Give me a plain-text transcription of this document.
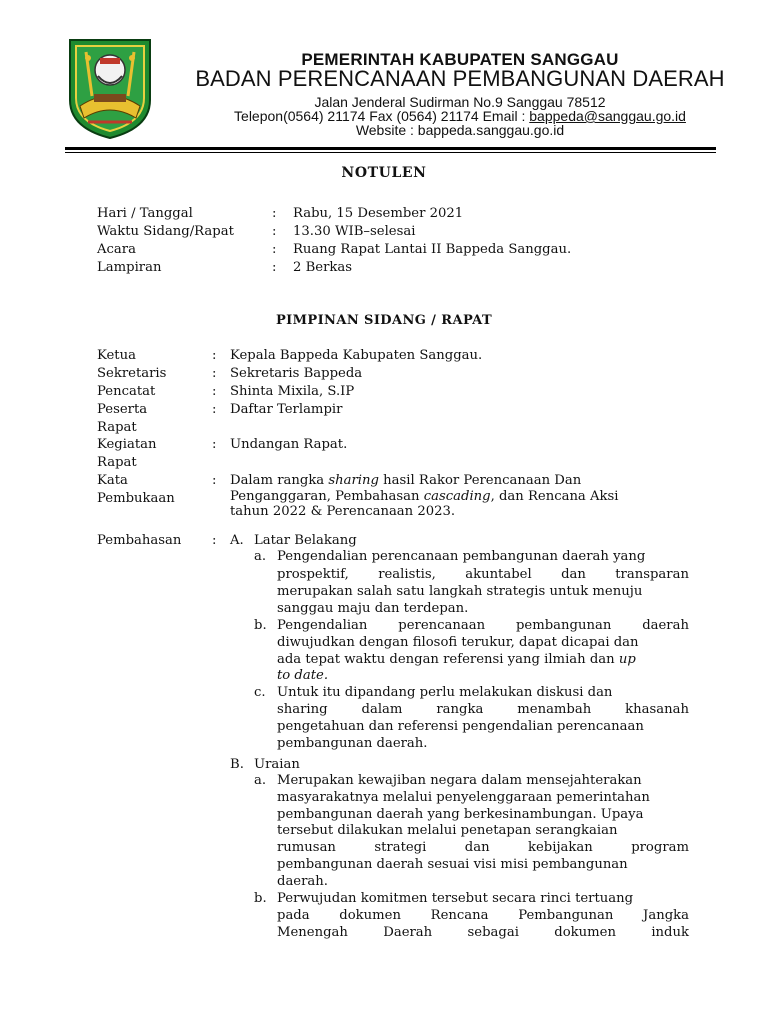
PEMERINTAH KABUPATEN SANGGAU
BADAN PERENCANAAN PEMBANGUNAN DAERAH
Jalan Jenderal Sudirman No.9 Sanggau 78512
Telepon(0564) 21174 Fax (0564) 21174 Email : bappeda@sanggau.go.id
Website : bappeda.sanggau.go.id
NOTULEN
Hari / Tanggal	: Rabu, 15 Desember 2021
Waktu Sidang/Rapat	: 13.30 WIB–selesai
Acara	: Ruang Rapat Lantai II Bappeda Sanggau.
Lampiran	: 2 Berkas
PIMPINAN SIDANG / RAPAT
Ketua	: Kepala Bappeda Kabupaten Sanggau.
Sekretaris	: Sekretaris Bappeda
Pencatat	: Shinta Mixila, S.IP
Peserta
Rapat
: Daftar Terlampir
Kegiatan
Rapat
: Undangan Rapat.
Kata
Pembukaan
: Dalam rangka sharing hasil Rakor Perencanaan Dan
Penganggaran, Pembahasan cascading, dan Rencana Aksi
tahun 2022 & Perencanaan 2023.
Pembahasan : A. Latar Belakang
a. Pengendalian perencanaan pembangunan daerah yang
prospektif, realistis, akuntabel dan transparan
merupakan salah satu langkah strategis untuk menuju
sanggau maju dan terdepan.
b. Pengendalian perencanaan pembangunan daerah
diwujudkan dengan filosofi terukur, dapat dicapai dan
ada tepat waktu dengan referensi yang ilmiah dan up
to date.
c. Untuk itu dipandang perlu melakukan diskusi dan
sharing	dalam	rangka	menambah	khasanah
pengetahuan dan referensi pengendalian perencanaan
pembangunan daerah.
B. Uraian
a. Merupakan kewajiban negara dalam mensejahterakan
masyarakatnya melalui penyelenggaraan pemerintahan
pembangunan daerah yang berkesinambungan. Upaya
tersebut dilakukan melalui penetapan serangkaian
rumusan	strategi	dan	kebijakan	program
pembangunan daerah sesuai visi misi pembangunan
daerah.
b. Perwujudan komitmen tersebut secara rinci tertuang
pada dokumen Rencana Pembangunan Jangka
Menengah	Daerah	sebagai	dokumen	induk
